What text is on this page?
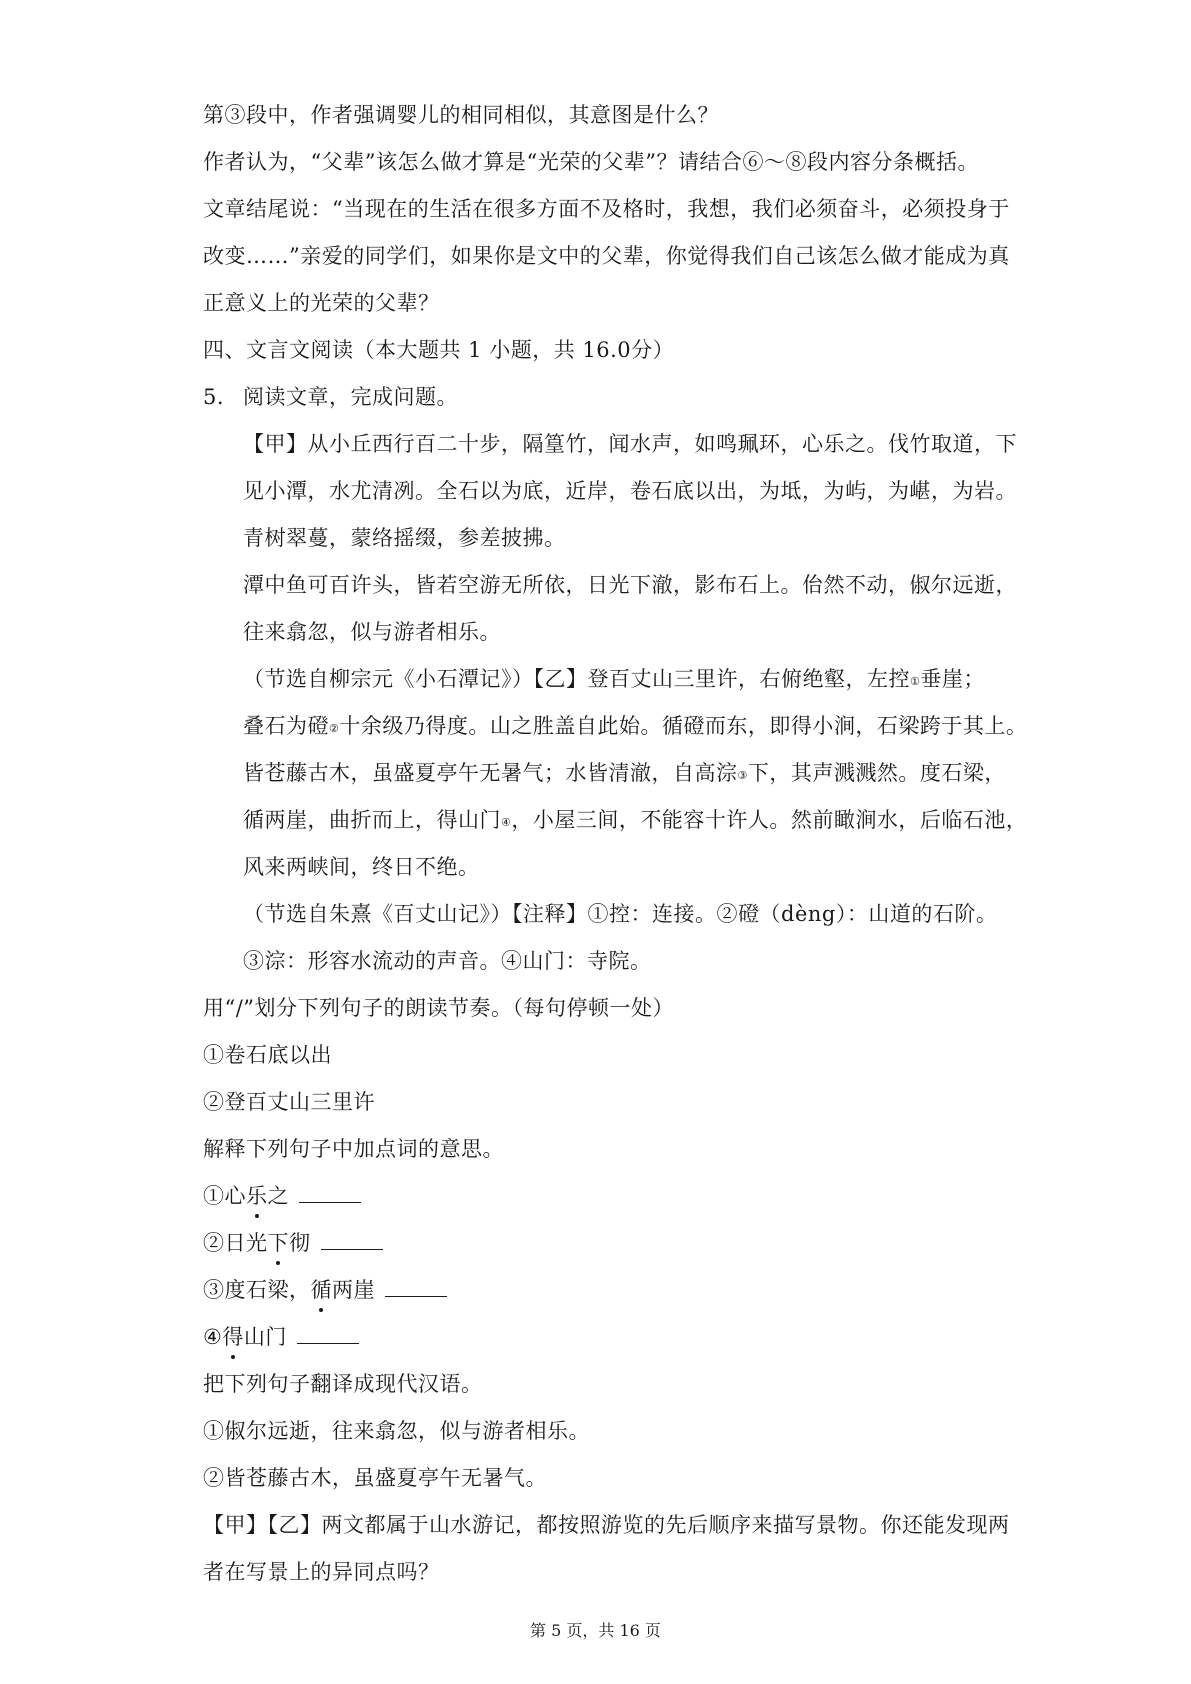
第③段中，作者强调婴儿的相同相似，其意图是什么？
作者认为，“父辈”该怎么做才算是“光荣的父辈”？请结合⑥～⑧段内容分条概括。
文章结尾说：“当现在的生活在很多方面不及格时，我想，我们必须奋斗，必须投身于
改变……”亲爱的同学们，如果你是文中的父辈，你觉得我们自己该怎么做才能成为真
正意义上的光荣的父辈？
四、文言文阅读（本大题共 1 小题，共 16.0分）
5. 阅读文章，完成问题。
【甲】从小丘西行百二十步，隔篁竹，闻水声，如鸣珮环，心乐之。伐竹取道，下
见小潭，水尤清冽。全石以为底，近岸，卷石底以出，为坻，为屿，为嵁，为岩。
青树翠蔓，蒙络摇缀，参差披拂。
潭中鱼可百许头，皆若空游无所依，日光下澈，影布石上。佁然不动，俶尔远逝，
往来翕忽，似与游者相乐。
（节选自柳宗元《小石潭记》）【乙】登百丈山三里许，右俯绝壑，左控①垂崖；
叠石为磴②十余级乃得度。山之胜盖自此始。循磴而东，即得小涧，石梁跨于其上。
皆苍藤古木，虽盛夏亭午无暑气；水皆清澈，自高淙③下，其声溅溅然。度石梁，
循两崖，曲折而上，得山门④，小屋三间，不能容十许人。然前瞰涧水，后临石池，
风来两峡间，终日不绝。
（节选自朱熹《百丈山记》）【注释】①控：连接。②磴（dèng）：山道的石阶。
③淙：形容水流动的声音。④山门：寺院。
用“/”划分下列句子的朗读节奏。（每句停顿一处）
①卷石底以出
②登百丈山三里许
解释下列句子中加点词的意思。
①心乐之
②日光下彻
③度石梁，循两崖
④得山门
把下列句子翻译成现代汉语。
①俶尔远逝，往来翕忽，似与游者相乐。
②皆苍藤古木，虽盛夏亭午无暑气。
【甲】【乙】两文都属于山水游记，都按照游览的先后顺序来描写景物。你还能发现两
者在写景上的异同点吗？
第 5 页，共 16 页
